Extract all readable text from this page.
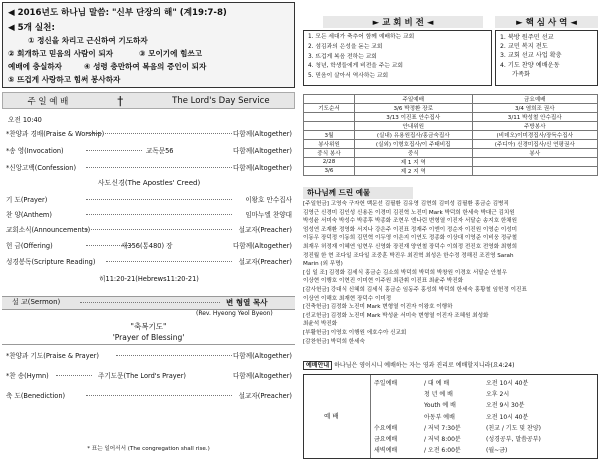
◀ 2016년도 하나님 말씀: "신부 단장의 해" (계19:7-8)
◀ 5개 실천:
① 정신을 차리고 근신하여 기도하자
② 회개하고 믿음의 사람이 되자	③ 모이기에 힘쓰고
예배에 충실하자	④ 성령 충만하여 복음의 증인이 되자
⑤ 뜨겁게 사랑하고 힘써 봉사하자
주 일 예 배	†	The Lord's Day Service
오전 10:40
*찬양과 경배(Praise & Worship)	다함께(Altogether)
*송 영(Invocation)	교독문56	다함께(Altogether)
*신앙고백(Confession)	다함께(Altogether)
사도신경(The Apostles' Creed)
기 도(Prayer)	이왕호 안수집사
찬 양(Anthem)	임마누엘 찬양대
교회소식(Announcements)	설교자(Preacher)
헌 금(Offering)	새356(통480) 장	다함께(Altogether)
성경봉독(Scripture Reading)	설교자(Preacher)
히11:20-21(Hebrews11:20-21)
설 교(Sermon)	변 형열 목사
(Rev. Hyeong Yeol Byeon)
"축복기도"
'Prayer of Blessing'
*찬양과 기도(Praise & Prayer)	다함께(Altogether)
*찬 송(Hymn)	주기도문(The Lord's Prayer)	다함께(Altogether)
축 도(Benediction)	설교자(Preacher)
* 표는 일어서서 (The congregation shall rise.)
► 교 회 비 전 ◄	► 핵 심 사 역 ◄
1. 모든 세대가 축추어 함께 예배하는 교회
2. 섬김과의 은성을 돋는 교회
3. 뜨겁게 복음 전하는 교회
4. 청년, 학생들에게 비전을 주는 교회
5. 믿음이 살아서 역사하는 교회
1. 북방 원주민 선교
2. 교민 복지 전도
3. 교회 선교 사업 확충
4. 기도 찬양 예배운동
가족화
	주일예배	금요예배
기도순서	3/6 박정환 장로	3/4 염희조 권사
	3/13 이진표 안수집사	3/11 박성철 안수집사
	안내위원	주방봉사
3월	(실내) 유용원집사/홍금숙집사	(비데오)이미경집사/장득수집사
봉사위원	(실외) 이형호집사/이 주태비집	(주디아) 신경미집사/신 연평권사
중식 봉사	중식	봉사
2/28	제 1 지 역	
3/6	제 2 지 역	
하나님께 드린 예물
[주일헌금] 고영숙 구자헌 백문선 김필환 김유영 김현희 김미성 김필환 홍금순 김병직
김영근 신경미 김인성 신용돈 이경미 김진혁 노진미 Mark 박덕희 한세숙 박대근 김치원
박성윤 서미숙 박성수 박종후 박종화 조현우 엔나린 변형열 이진자 서달순 송지호 한채원
엄성연 조재환 정영화 서지나 강은주 이진표 정재주 이엔이 정순자 이진원 이영순 이성미
이동우 장덕정 이동희 김민혁 이두영 이은지 이연도 정종화 이상대 이영준 이비웅 정규철
최재우 허정재 이혜연 임현우 신영화 장진재 양연철 장덕수 이희정 전진호 전영화 최형희
정진월 한 현 조다일 조다일 조중훈 박진우 최진혁 최성은 한수정 정해진 조진영 Sarah
Marin (외 무명)
[십 일 조] 김정화 김세식 홍금순 김소희 박덕희 박덕희 박창원 이경호 서달순 안철우
이상현 이행호 이현진 이미현 이주원 최관휘 이진표 최윤주 박진화
[감사헌금] 강대식 신혜희 김세식 홍금순 임동주 홍성희 박덕희 한세숙 홍황철 임헌정 이진표
이상연 이해호 최재현 장덕수 이미정
[건축헌금] 김정화 노진미 Mark 변형열 이진자 이왕호 이행하
[선교헌금] 김정화 노진미 Mark 박성윤 서미숙 변형열 이진자 조혜원 최성화
최윤석 박진화
[부활헌금] 이영호 이행원 에호수아 신교회
[감찬헌금] 박덕희 한세숙
예배안내 하나님은 영이시니 예배하는 자는 영과 진리로 예배할지니라(요4:24)
예 배
주일예배	/ 대 예 배	오전 10시 40분
청 년 예 배	오후 2시
Youth 예 배	오전 9시 30분
아동부 예배	오전 10시 40분
수요예배	/ 저녁 7:30분	(친교 / 기도 및 찬양)
금요예배	/ 저녁 8:00분	(성경공부, 말씀공부)
새벽예배	/ 오전 6:00분	(월~금)
